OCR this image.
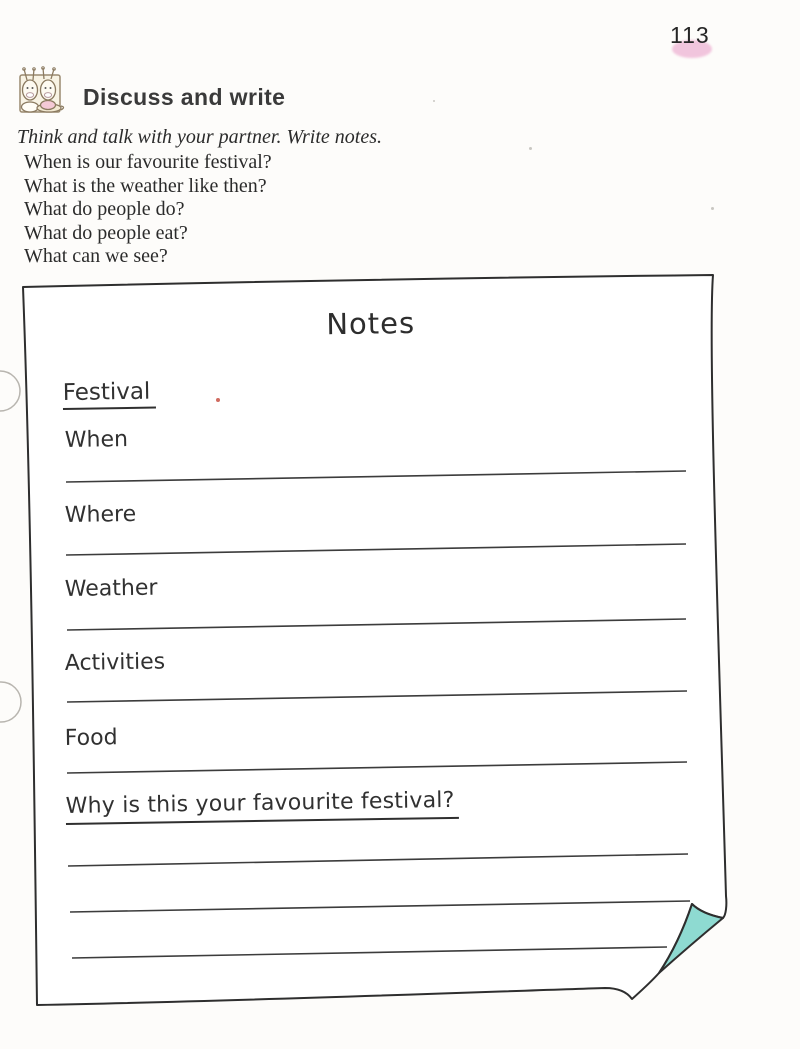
113
Discuss and write
Think and talk with your partner. Write notes.
When is our favourite festival?
What is the weather like then?
What do people do?
What do people eat?
What can we see?
Notes
Festival
When
Where
Weather
Activities
Food
Why is this your favourite festival?
